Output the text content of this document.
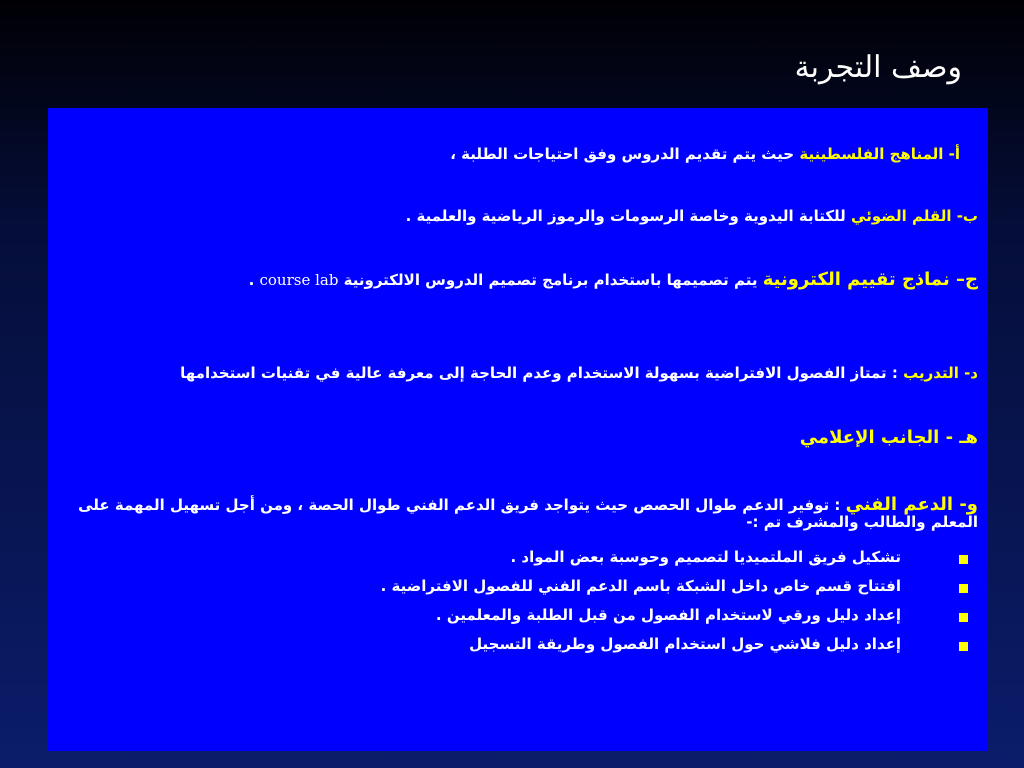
وصف التجربة
أ- المناهج الفلسطينية حيث يتم تقديم الدروس وفق احتياجات الطلبة ،
ب- القلم الضوئي للكتابة اليدوية وخاصة الرسومات والرموز الرياضية والعلمية .
ج– نماذج تقييم الكترونية يتم تصميمها باستخدام برنامج تصميم الدروس الالكترونية course lab .
د- التدريب : تمتاز الفصول الافتراضية بسهولة الاستخدام وعدم الحاجة إلى معرفة عالية في تقنيات استخدامها
هـ - الجانب الإعلامي
و- الدعم الفني : توفير الدعم طوال الحصص حيث يتواجد فريق الدعم الفني طوال الحصة ، ومن أجل تسهيل المهمة على المعلم والطالب والمشرف تم :-
تشكيل فريق الملتميديا لتصميم وحوسبة بعض المواد .
افتتاح قسم خاص داخل الشبكة باسم الدعم الفني للفصول الافتراضية .
إعداد دليل ورقي لاستخدام الفصول من قبل الطلبة والمعلمين .
إعداد دليل فلاشي حول استخدام الفصول وطريقة التسجيل
